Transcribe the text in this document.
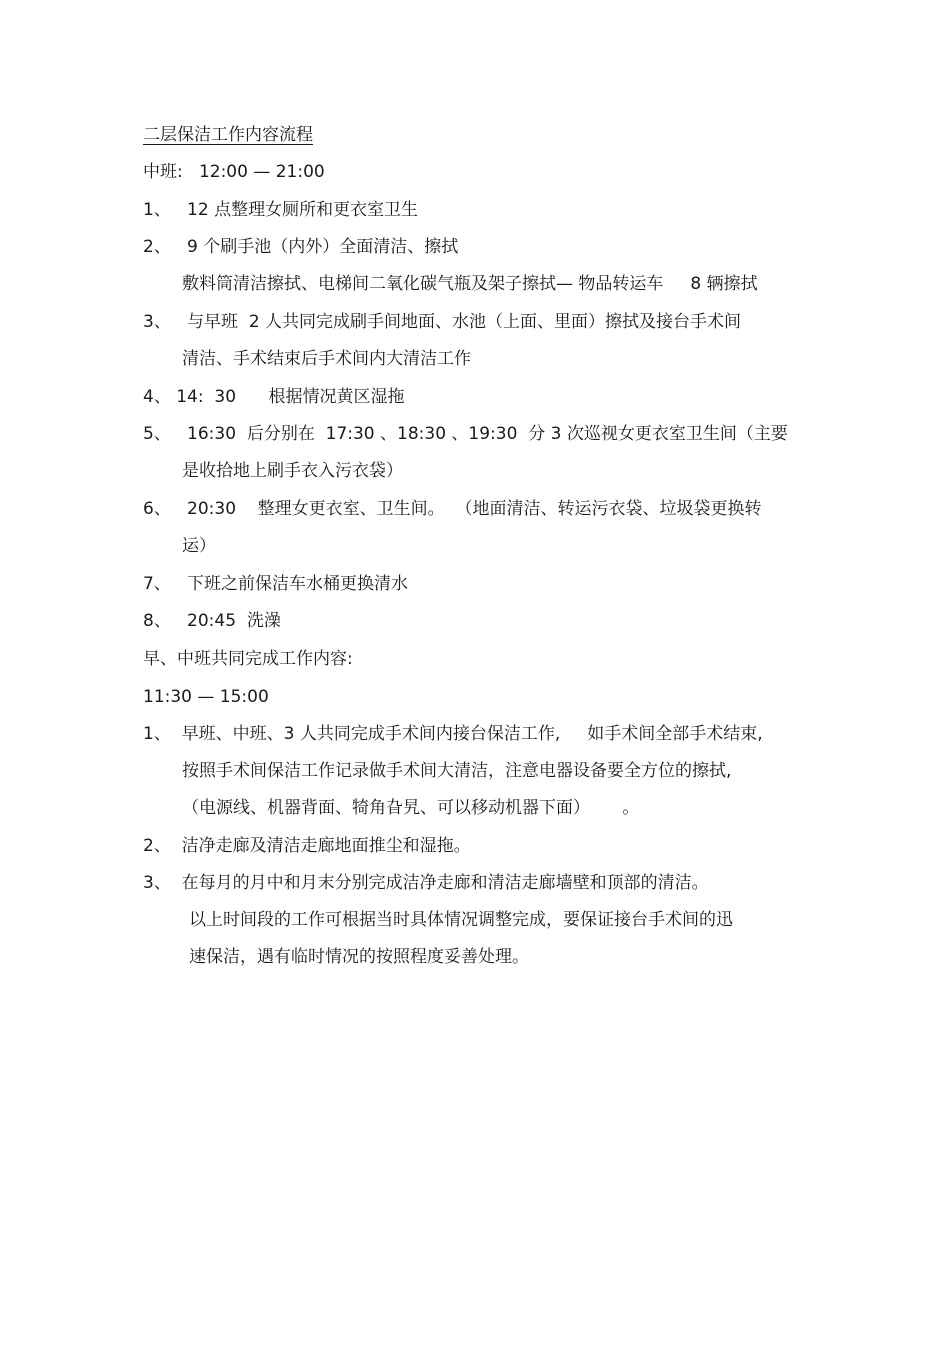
二层保洁工作内容流程
中班:   12:00 — 21:00
1、   12 点整理女厕所和更衣室卫生
2、   9 个刷手池（内外）全面清洁、擦拭
敷料筒清洁擦拭、电梯间二氧化碳气瓶及架子擦拭— 物品转运车     8 辆擦拭
3、   与早班  2 人共同完成刷手间地面、水池（上面、里面）擦拭及接台手术间
清洁、手术结束后手术间内大清洁工作
4、 14:  30      根据情况黄区湿拖
5、   16:30  后分别在  17:30 、18:30 、19:30  分 3 次巡视女更衣室卫生间（主要
是收拾地上刷手衣入污衣袋）
6、   20:30    整理女更衣室、卫生间。  （地面清洁、转运污衣袋、垃圾袋更换转
运）
7、   下班之前保洁车水桶更换清水
8、   20:45  洗澡
早、中班共同完成工作内容:
11:30 — 15:00
1、  早班、中班、3 人共同完成手术间内接台保洁工作,     如手术间全部手术结束,
按照手术间保洁工作记录做手术间大清洁，注意电器设备要全方位的擦拭,
（电源线、机器背面、犄角旮旯、可以移动机器下面）      。
2、  洁净走廊及清洁走廊地面推尘和湿拖。
3、  在每月的月中和月末分别完成洁净走廊和清洁走廊墙壁和顶部的清洁。
以上时间段的工作可根据当时具体情况调整完成，要保证接台手术间的迅
速保洁，遇有临时情况的按照程度妥善处理。
